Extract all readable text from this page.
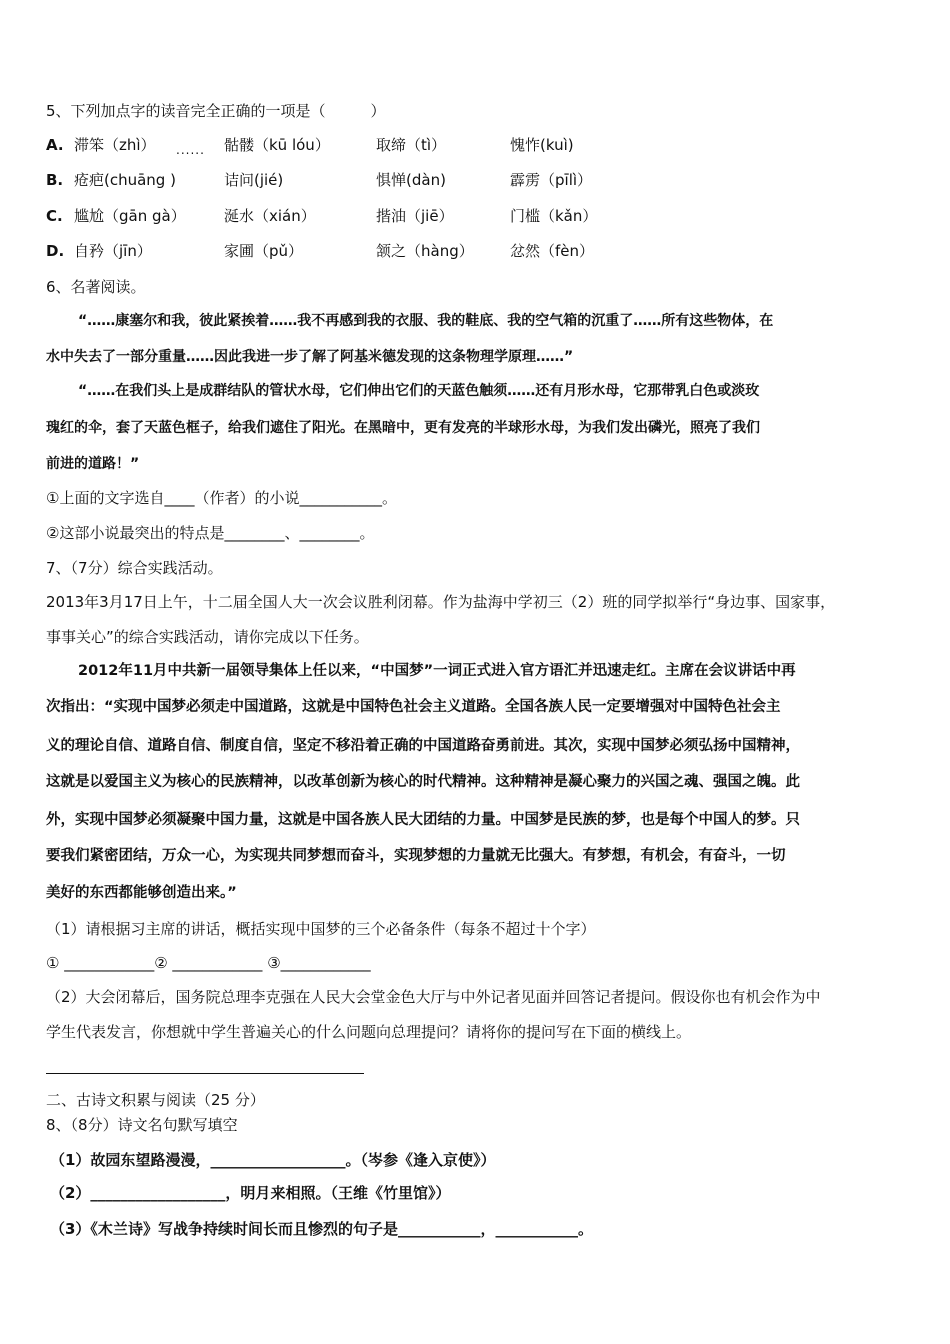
5、下列加点字的读音完全正确的一项是（　　　）
A. 滞笨（zhì）	骷髅（kū lóu）	取缔（tì）	愧怍(kuì)
......
B. 疮疤(chuāng )	诘问(jié)	惧惮(dàn)	霹雳（pīlì）
C. 尴尬（gān gà）	涎水（xián）	揩油（jiē）	门槛（kǎn）
D. 自矜（jīn）	家圃（pǔ）	颔之（hàng） 忿然（fèn）
6、名著阅读。
“……康塞尔和我，彼此紧挨着……我不再感到我的衣服、我的鞋底、我的空气箱的沉重了……所有这些物体，在
水中失去了一部分重量……因此我进一步了解了阿基米德发现的这条物理学原理……”
“……在我们头上是成群结队的管状水母，它们伸出它们的天蓝色触须……还有月形水母，它那带乳白色或淡玫
瑰红的伞，套了天蓝色框子，给我们遮住了阳光。在黑暗中，更有发亮的半球形水母，为我们发出磷光，照亮了我们
前进的道路！”
①上面的文字选自____（作者）的小说___________。
②这部小说最突出的特点是________、________。
7、（7分）综合实践活动。
2013年3月17日上午，十二届全国人大一次会议胜利闭幕。作为盐海中学初三（2）班的同学拟举行“身边事、国家事，
事事关心”的综合实践活动，请你完成以下任务。
2012年11月中共新一届领导集体上任以来，“中国梦”一词正式进入官方语汇并迅速走红。主席在会议讲话中再
次指出：“实现中国梦必须走中国道路，这就是中国特色社会主义道路。全国各族人民一定要增强对中国特色社会主
义的理论自信、道路自信、制度自信，坚定不移沿着正确的中国道路奋勇前进。其次，实现中国梦必须弘扬中国精神，
这就是以爱国主义为核心的民族精神，以改革创新为核心的时代精神。这种精神是凝心聚力的兴国之魂、强国之魄。此
外，实现中国梦必须凝聚中国力量，这就是中国各族人民大团结的力量。中国梦是民族的梦，也是每个中国人的梦。只
要我们紧密团结，万众一心，为实现共同梦想而奋斗，实现梦想的力量就无比强大。有梦想，有机会，有奋斗，一切
美好的东西都能够创造出来。”
（1）请根据习主席的讲话，概括实现中国梦的三个必备条件（每条不超过十个字）
① ____________② ____________ ③____________
（2）大会闭幕后，国务院总理李克强在人民大会堂金色大厅与中外记者见面并回答记者提问。假设你也有机会作为中
学生代表发言，你想就中学生普遍关心的什么问题向总理提问？请将你的提问写在下面的横线上。
二、古诗文积累与阅读（25 分）
8、（8分）诗文名句默写填空
（1）故园东望路漫漫，__________________。（岑参《逢入京使》）
（2）__________________，明月来相照。（王维《竹里馆》）
（3）《木兰诗》写战争持续时间长而且惨烈的句子是___________，___________。
